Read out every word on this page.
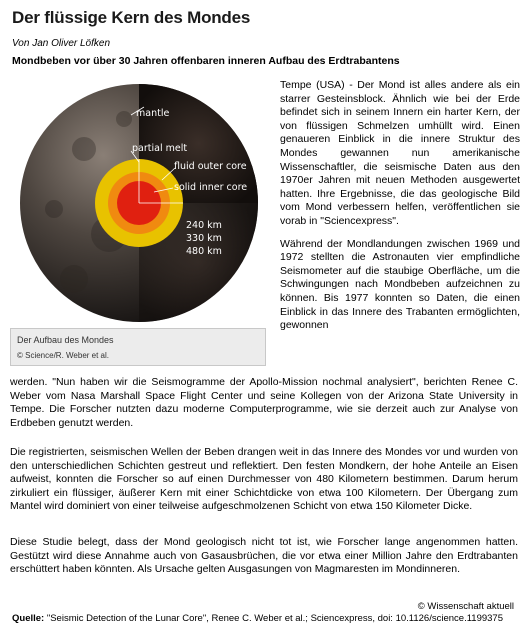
Der flüssige Kern des Mondes
Von Jan Oliver Löfken
Mondbeben vor über 30 Jahren offenbaren inneren Aufbau des Erdtrabantens
mantle
partial melt
fluid outer core
solid inner core
240 km
330 km
480 km
Der Aufbau des Mondes
© Science/R. Weber et al.

Tempe (USA) - Der Mond ist alles andere als ein starrer Gesteinsblock. Ähnlich wie bei der Erde befindet sich in seinem Innern ein harter Kern, der von flüssigen Schmelzen umhüllt wird. Einen genaueren Einblick in die innere Struktur des Mondes gewannen nun amerikanische Wissenschaftler, die seismische Daten aus den 1970er Jahren mit neuen Methoden ausgewertet hatten. Ihre Ergebnisse, die das geologische Bild vom Mond verbessern helfen, veröffentlichen sie vorab in "Sciencexpress".

Während der Mondlandungen zwischen 1969 und 1972 stellten die Astronauten vier empfindliche Seismometer auf die staubige Oberfläche, um die Schwingungen nach Mondbeben aufzeichnen zu können. Bis 1977 konnten so Daten, die einen Einblick in das Innere des Trabanten ermöglichten, gewonnen

werden. "Nun haben wir die Seismogramme der Apollo-Mission nochmal analysiert", berichten Renee C. Weber vom Nasa Marshall Space Flight Center und seine Kollegen von der Arizona State University in Tempe. Die Forscher nutzten dazu moderne Computerprogramme, wie sie derzeit auch zur Analyse von Erdbeben genutzt werden.

Die registrierten, seismischen Wellen der Beben drangen weit in das Innere des Mondes vor und wurden von den unterschiedlichen Schichten gestreut und reflektiert. Den festen Mondkern, der hohe Anteile an Eisen aufweist, konnten die Forscher so auf einen Durchmesser von 480 Kilometern bestimmen. Darum herum zirkuliert ein flüssiger, äußerer Kern mit einer Schichtdicke von etwa 100 Kilometern. Der Übergang zum Mantel wird dominiert von einer teilweise aufgeschmolzenen Schicht von etwa 150 Kilometer Dicke.

Diese Studie belegt, dass der Mond geologisch nicht tot ist, wie Forscher lange angenommen hatten. Gestützt wird diese Annahme auch von Gasausbrüchen, die vor etwa einer Million Jahre den Erdtrabanten erschüttert haben könnten. Als Ursache gelten Ausgasungen von Magmaresten im Mondinneren.

© Wissenschaft aktuell
Quelle: "Seismic Detection of the Lunar Core", Renee C. Weber et al.; Sciencexpress, doi: 10.1126/science.1199375
